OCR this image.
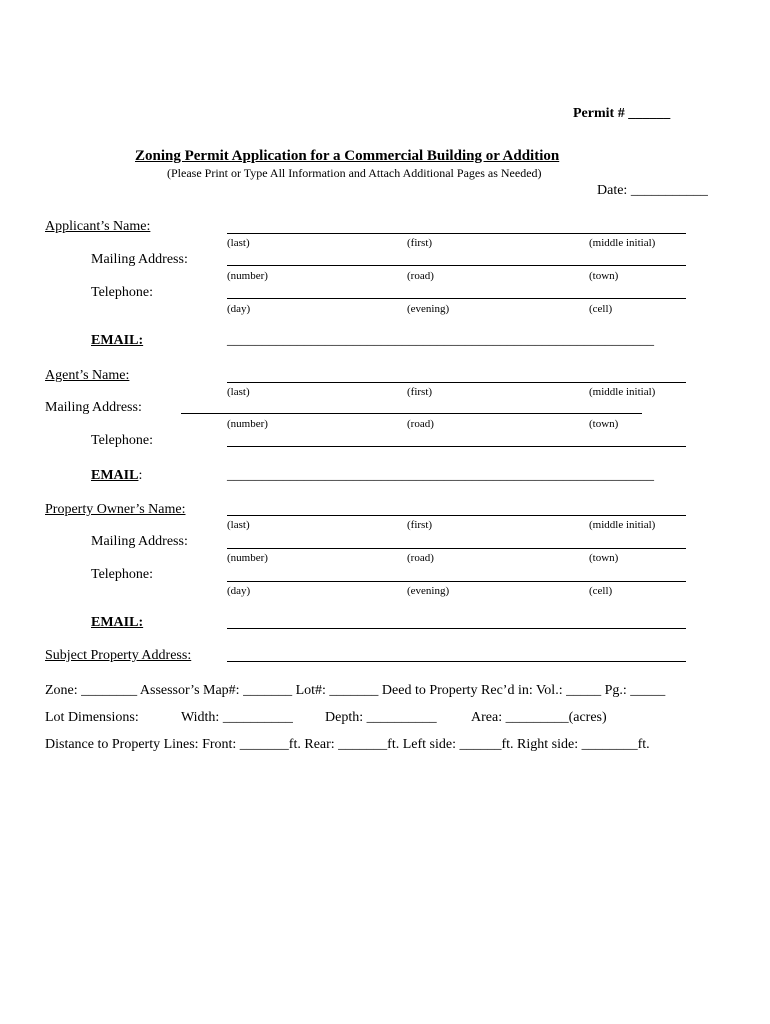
Permit # ______
Zoning Permit Application for a Commercial Building or Addition
(Please Print or Type All Information and Attach Additional Pages as Needed)
Date: ___________
Applicant’s Name:
(last)	(first)	(middle initial)
Mailing Address:
(number)	(road)	(town)
Telephone:
(day)	(evening)	(cell)
EMAIL:	_____________________________________________________________
Agent’s Name:
(last)	(first)	(middle initial)
Mailing Address:
(number)	(road)	(town)
Telephone:
EMAIL:	_____________________________________________________________
Property Owner’s Name:
(last)	(first)	(middle initial)
Mailing Address:
(number)	(road)	(town)
Telephone:
(day)	(evening)	(cell)
EMAIL:
Subject Property Address:
Zone: ________ Assessor’s Map#: _______ Lot#: _______ Deed to Property Rec’d in: Vol.: _____ Pg.: _____
Lot Dimensions:	Width: __________ Depth: __________ Area: _________(acres)
Distance to Property Lines: Front: _______ft. Rear: _______ft. Left side: ______ft. Right side: ________ft.
